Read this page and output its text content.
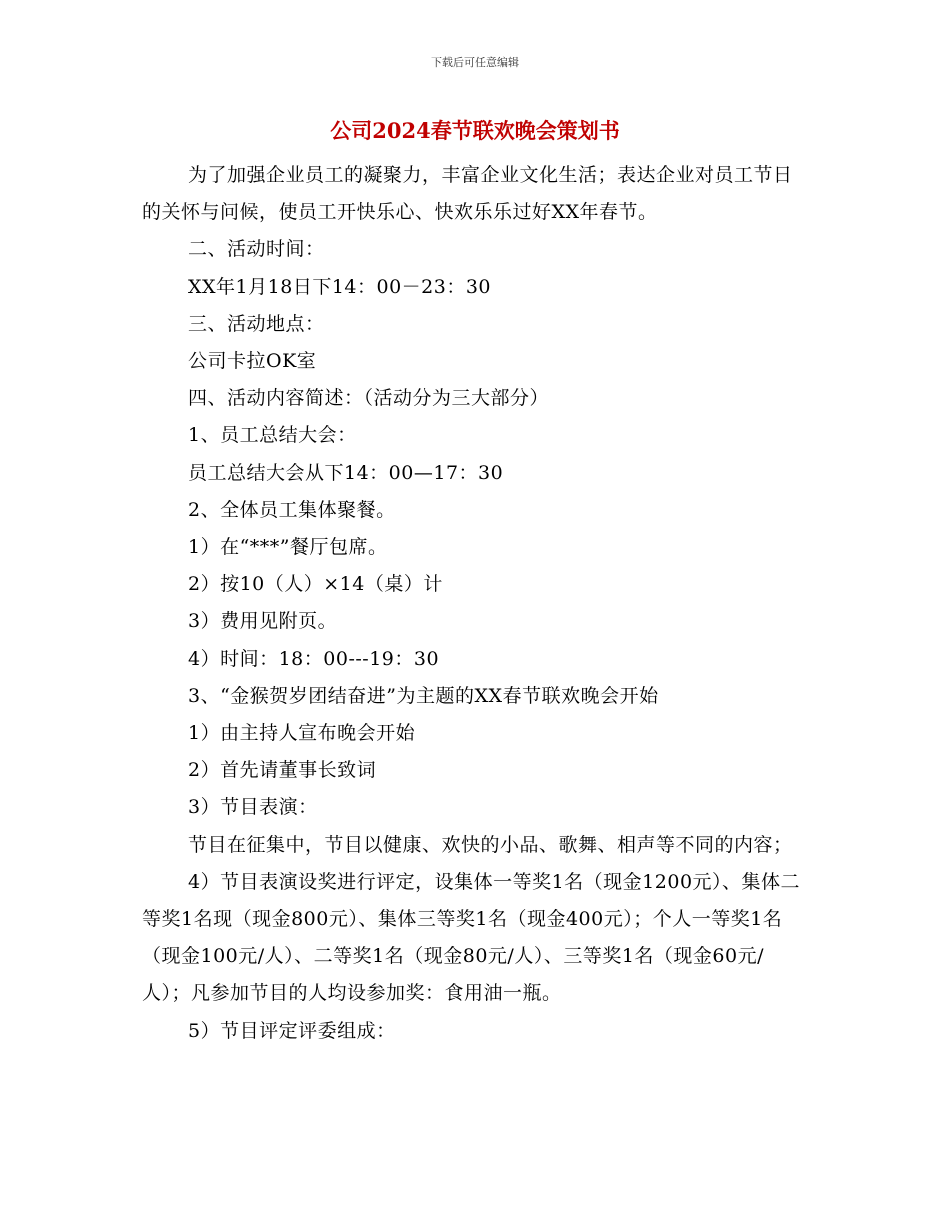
下载后可任意编辑
公司2024春节联欢晚会策划书

为了加强企业员工的凝聚力，丰富企业文化生活；表达企业对员工节日的关怀与问候，使员工开快乐心、快欢乐乐过好XX年春节。

二、活动时间：

XX年1月18日下14：00－23：30

三、活动地点：

公司卡拉OK室

四、活动内容简述：（活动分为三大部分）

1、员工总结大会：

员工总结大会从下14：00—17：30

2、全体员工集体聚餐。

1）在“***”餐厅包席。

2）按10（人）×14（桌）计

3）费用见附页。

4）时间：18：00---19：30

3、“金猴贺岁团结奋进”为主题的XX春节联欢晚会开始

1）由主持人宣布晚会开始

2）首先请董事长致词

3）节目表演：

节目在征集中，节目以健康、欢快的小品、歌舞、相声等不同的内容；

4）节目表演设奖进行评定，设集体一等奖1名（现金1200元）、集体二等奖1名现（现金800元）、集体三等奖1名（现金400元）；个人一等奖1名（现金100元/人）、二等奖1名（现金80元/人）、三等奖1名（现金60元/人）；凡参加节目的人均设参加奖：食用油一瓶。

5）节目评定评委组成：
